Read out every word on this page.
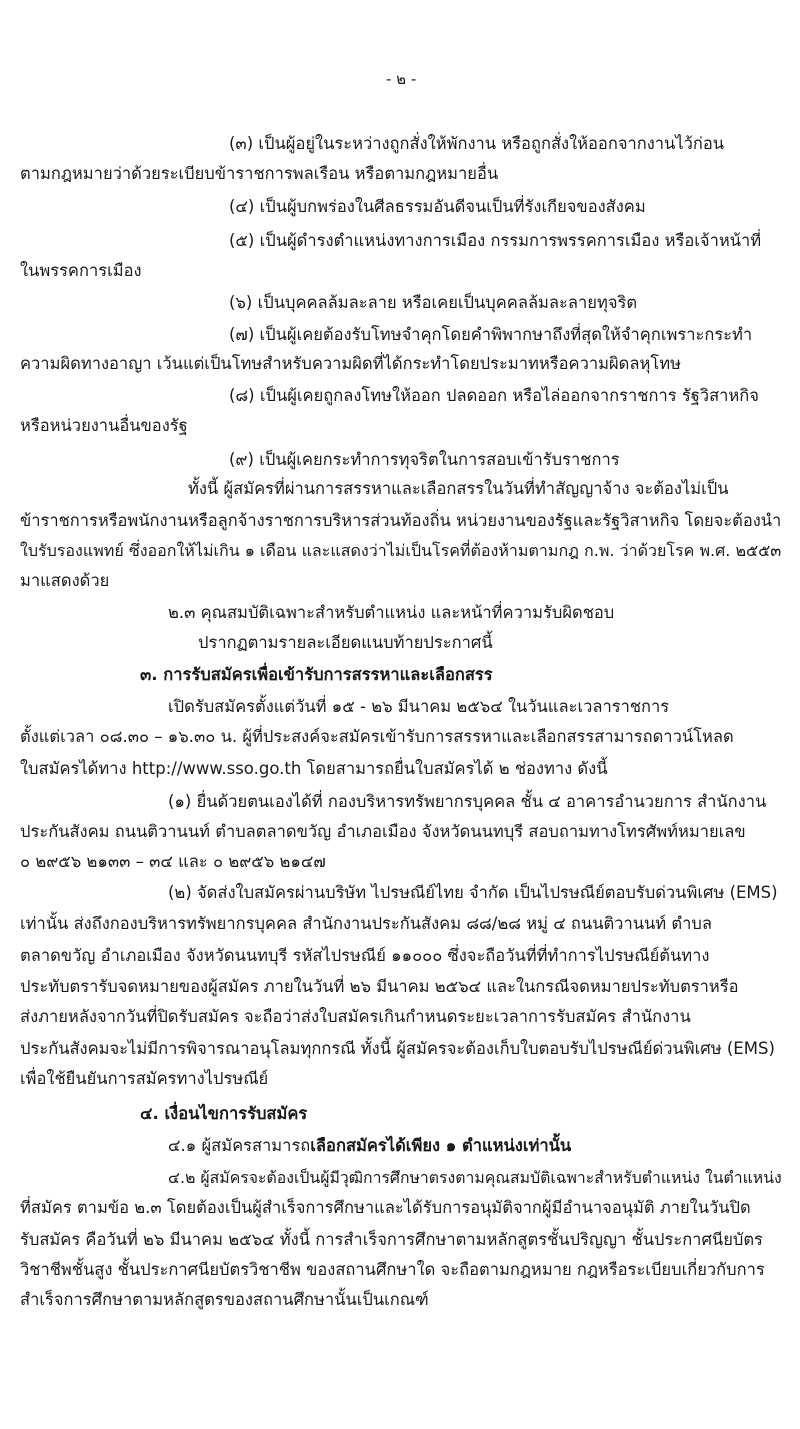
- ๒ -
(๓) เป็นผู้อยู่ในระหว่างถูกสั่งให้พักงาน หรือถูกสั่งให้ออกจากงานไว้ก่อน
ตามกฎหมายว่าด้วยระเบียบข้าราชการพลเรือน หรือตามกฎหมายอื่น
(๔) เป็นผู้บกพร่องในศีลธรรมอันดีจนเป็นที่รังเกียจของสังคม
(๕) เป็นผู้ดำรงตำแหน่งทางการเมือง กรรมการพรรคการเมือง หรือเจ้าหน้าที่
ในพรรคการเมือง
(๖) เป็นบุคคลล้มละลาย หรือเคยเป็นบุคคลล้มละลายทุจริต
(๗) เป็นผู้เคยต้องรับโทษจำคุกโดยคำพิพากษาถึงที่สุดให้จำคุกเพราะกระทำ
ความผิดทางอาญา เว้นแต่เป็นโทษสำหรับความผิดที่ได้กระทำโดยประมาทหรือความผิดลหุโทษ
(๘) เป็นผู้เคยถูกลงโทษให้ออก ปลดออก หรือไล่ออกจากราชการ รัฐวิสาหกิจ
หรือหน่วยงานอื่นของรัฐ
(๙) เป็นผู้เคยกระทำการทุจริตในการสอบเข้ารับราชการ
ทั้งนี้ ผู้สมัครที่ผ่านการสรรหาและเลือกสรรในวันที่ทำสัญญาจ้าง จะต้องไม่เป็น
ข้าราชการหรือพนักงานหรือลูกจ้างราชการบริหารส่วนท้องถิ่น หน่วยงานของรัฐและรัฐวิสาหกิจ โดยจะต้องนำ
ใบรับรองแพทย์ ซึ่งออกให้ไม่เกิน ๑ เดือน และแสดงว่าไม่เป็นโรคที่ต้องห้ามตามกฎ ก.พ. ว่าด้วยโรค พ.ศ. ๒๕๕๓
มาแสดงด้วย
๒.๓ คุณสมบัติเฉพาะสำหรับตำแหน่ง และหน้าที่ความรับผิดชอบ
ปรากฏตามรายละเอียดแนบท้ายประกาศนี้
๓. การรับสมัครเพื่อเข้ารับการสรรหาและเลือกสรร
เปิดรับสมัครตั้งแต่วันที่ ๑๕ - ๒๖ มีนาคม ๒๕๖๔ ในวันและเวลาราชการ
ตั้งแต่เวลา ๐๘.๓๐ – ๑๖.๓๐ น. ผู้ที่ประสงค์จะสมัครเข้ารับการสรรหาและเลือกสรรสามารถดาวน์โหลด
ใบสมัครได้ทาง http://www.sso.go.th โดยสามารถยื่นใบสมัครได้ ๒ ช่องทาง ดังนี้
(๑) ยื่นด้วยตนเองได้ที่ กองบริหารทรัพยากรบุคคล ชั้น ๔ อาคารอำนวยการ สำนักงาน
ประกันสังคม ถนนติวานนท์ ตำบลตลาดขวัญ อำเภอเมือง จังหวัดนนทบุรี สอบถามทางโทรศัพท์หมายเลข
๐ ๒๙๕๖ ๒๑๓๓ – ๓๔ และ ๐ ๒๙๕๖ ๒๑๔๗
(๒) จัดส่งใบสมัครผ่านบริษัท ไปรษณีย์ไทย จำกัด เป็นไปรษณีย์ตอบรับด่วนพิเศษ (EMS)
เท่านั้น ส่งถึงกองบริหารทรัพยากรบุคคล สำนักงานประกันสังคม ๘๘/๒๘ หมู่ ๔ ถนนติวานนท์ ตำบล
ตลาดขวัญ อำเภอเมือง จังหวัดนนทบุรี รหัสไปรษณีย์ ๑๑๐๐๐ ซึ่งจะถือวันที่ที่ทำการไปรษณีย์ต้นทาง
ประทับตรารับจดหมายของผู้สมัคร ภายในวันที่ ๒๖ มีนาคม ๒๕๖๔ และในกรณีจดหมายประทับตราหรือ
ส่งภายหลังจากวันที่ปิดรับสมัคร จะถือว่าส่งใบสมัครเกินกำหนดระยะเวลาการรับสมัคร สำนักงาน
ประกันสังคมจะไม่มีการพิจารณาอนุโลมทุกกรณี ทั้งนี้ ผู้สมัครจะต้องเก็บใบตอบรับไปรษณีย์ด่วนพิเศษ (EMS)
เพื่อใช้ยืนยันการสมัครทางไปรษณีย์
๔. เงื่อนไขการรับสมัคร
๔.๑ ผู้สมัครสามารถเลือกสมัครได้เพียง ๑ ตำแหน่งเท่านั้น
๔.๒ ผู้สมัครจะต้องเป็นผู้มีวุฒิการศึกษาตรงตามคุณสมบัติเฉพาะสำหรับตำแหน่ง ในตำแหน่ง
ที่สมัคร ตามข้อ ๒.๓ โดยต้องเป็นผู้สำเร็จการศึกษาและได้รับการอนุมัติจากผู้มีอำนาจอนุมัติ ภายในวันปิด
รับสมัคร คือวันที่ ๒๖ มีนาคม ๒๕๖๔ ทั้งนี้ การสำเร็จการศึกษาตามหลักสูตรชั้นปริญญา ชั้นประกาศนียบัตร
วิชาชีพชั้นสูง ชั้นประกาศนียบัตรวิชาชีพ ของสถานศึกษาใด จะถือตามกฎหมาย กฎหรือระเบียบเกี่ยวกับการ
สำเร็จการศึกษาตามหลักสูตรของสถานศึกษานั้นเป็นเกณฑ์
